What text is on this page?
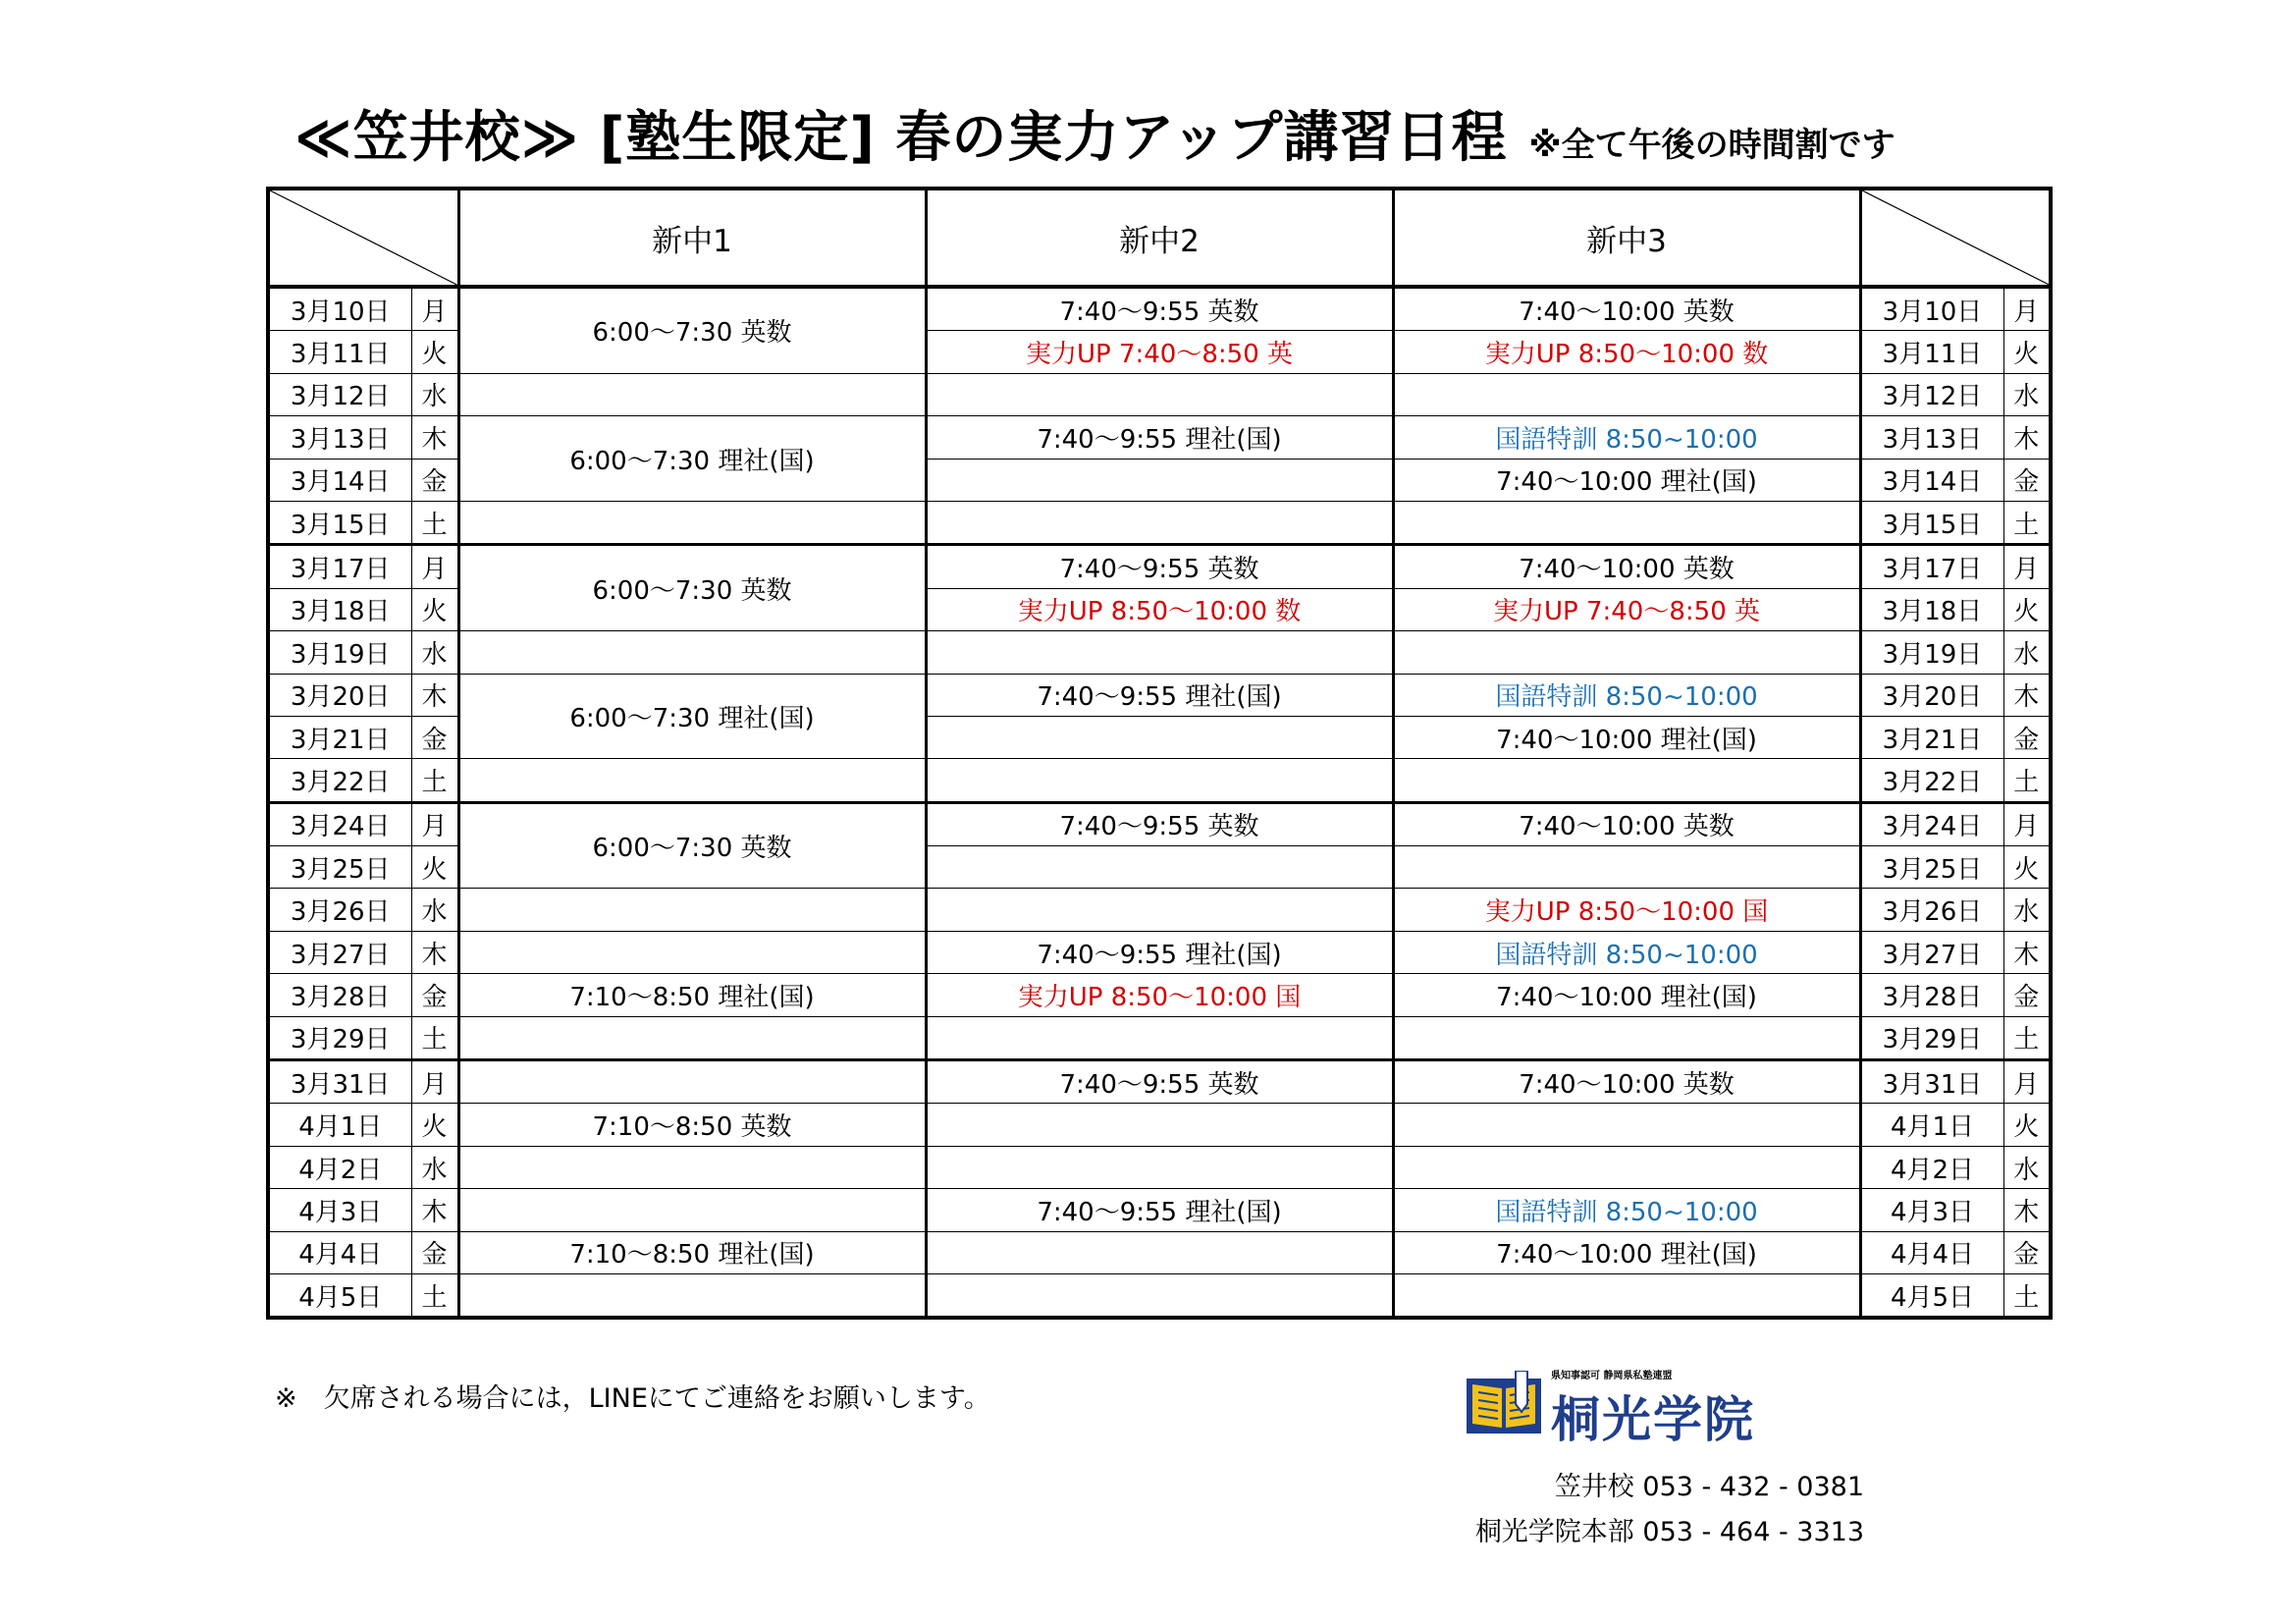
≪笠井校≫ [塾生限定] 春の実力アップ講習日程 ※全て午後の時間割です
	新中1	新中2	新中3	

3月10日	月	6:00～7:30 英数	7:40～9:55 英数	7:40～10:00 英数	3月10日	月
3月11日	火		実力UP 7:40～8:50 英	実力UP 8:50～10:00 数	3月11日	火
3月12日	水				3月12日	水
3月13日	木	6:00～7:30 理社(国)	7:40～9:55 理社(国)	国語特訓 8:50~10:00	3月13日	木
3月14日	金			7:40～10:00 理社(国)	3月14日	金
3月15日	土				3月15日	土
3月17日	月	6:00～7:30 英数	7:40～9:55 英数	7:40～10:00 英数	3月17日	月
3月18日	火		実力UP 8:50～10:00 数	実力UP 7:40～8:50 英	3月18日	火
3月19日	水				3月19日	水
3月20日	木	6:00～7:30 理社(国)	7:40～9:55 理社(国)	国語特訓 8:50~10:00	3月20日	木
3月21日	金			7:40～10:00 理社(国)	3月21日	金
3月22日	土				3月22日	土
3月24日	月	6:00～7:30 英数	7:40～9:55 英数	7:40～10:00 英数	3月24日	月
3月25日	火				3月25日	火
3月26日	水			実力UP 8:50～10:00 国	3月26日	水
3月27日	木		7:40～9:55 理社(国)	国語特訓 8:50~10:00	3月27日	木
3月28日	金	7:10～8:50 理社(国)	実力UP 8:50～10:00 国	7:40～10:00 理社(国)	3月28日	金
3月29日	土				3月29日	土
3月31日	月		7:40～9:55 英数	7:40～10:00 英数	3月31日	月
4月1日	火	7:10～8:50 英数			4月1日	火
4月2日	水				4月2日	水
4月3日	木		7:40～9:55 理社(国)	国語特訓 8:50~10:00	4月3日	木
4月4日	金	7:10～8:50 理社(国)		7:40～10:00 理社(国)	4月4日	金
4月5日	土				4月5日	土
※　欠席される場合には，LINEにてご連絡をお願いします。
県知事認可 静岡県私塾連盟
桐光学院
笠井校 053 - 432 - 0381
桐光学院本部 053 - 464 - 3313
